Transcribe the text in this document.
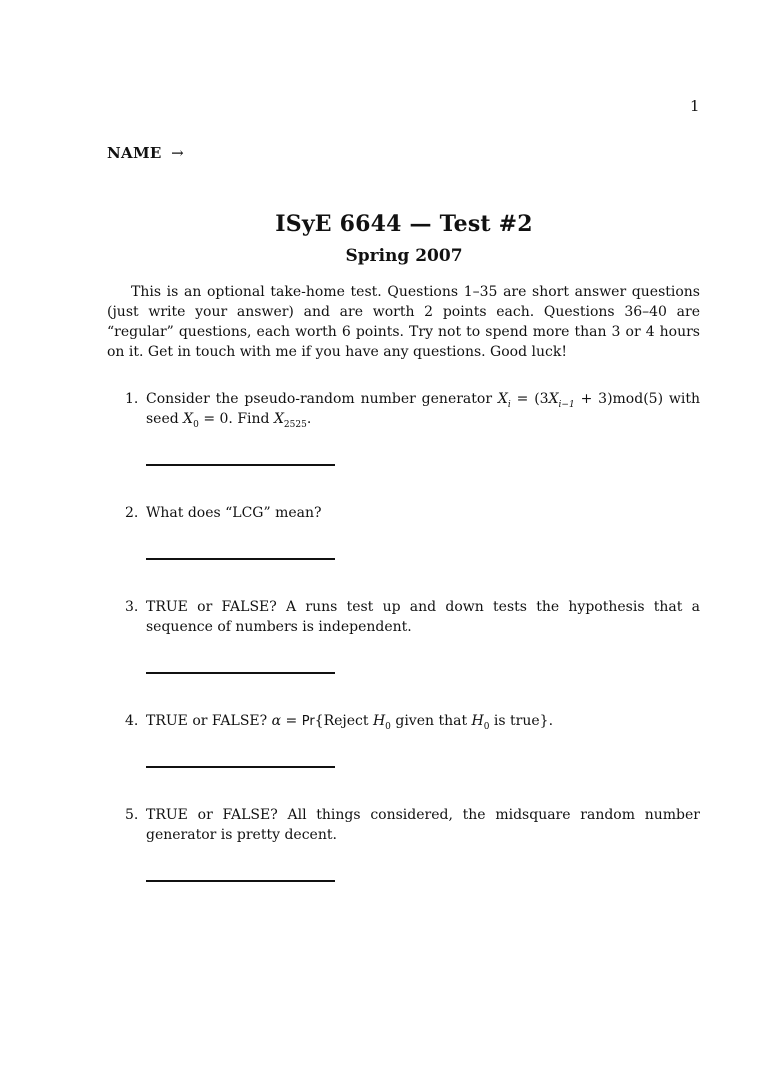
1
NAME →
ISyE 6644 — Test #2
Spring 2007

This is an optional take-home test. Questions 1–35 are short answer questions (just write your answer) and are worth 2 points each. Questions 36–40 are “regular” questions, each worth 6 points. Try not to spend more than 3 or 4 hours on it. Get in touch with me if you have any questions. Good luck!

1. Consider the pseudo-random number generator $X_i = (3X_{i-1} + 3)mod(5)$ with seed $X_0 = 0$. Find $X_{2525}$.
2. What does “LCG” mean?
3. TRUE or FALSE? A runs test up and down tests the hypothesis that a sequence of numbers is independent.
4. TRUE or FALSE? α = Pr{Reject $H_0$ given that $H_0$ is true}.
5. TRUE or FALSE? All things considered, the midsquare random number generator is pretty decent.
